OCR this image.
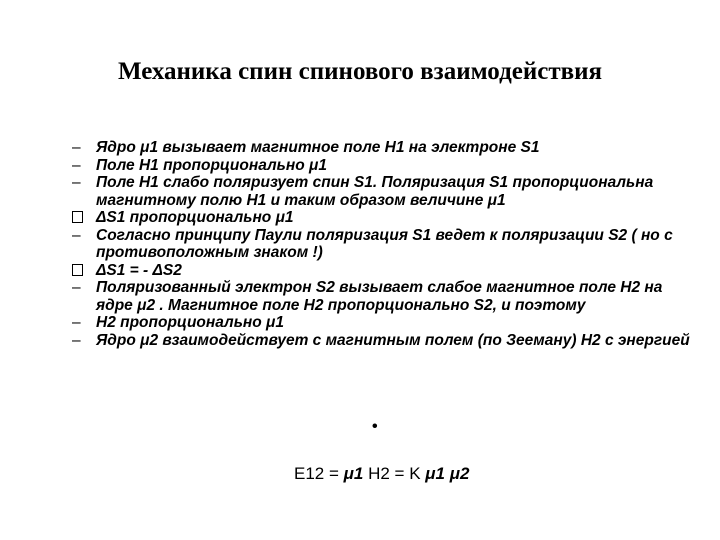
Механика спин спинового взаимодействия
– Ядро μ1 вызывает магнитное поле H1 на электроне S1
– Поле H1 пропорционально μ1
– Поле H1 слабо поляризует спин S1. Поляризация S1 пропорциональна магнитному полю H1 и таким образом величине μ1
ΔS1 пропорционально μ1
– Согласно принципу Паули поляризация S1 ведет к поляризации S2 ( но с противоположным знаком !)
ΔS1 = - ΔS2
– Поляризованный электрон S2 вызывает слабое магнитное поле H2 на ядре μ2 . Магнитное поле H2 пропорционально S2, и поэтому
– H2 пропорционально μ1
– Ядро μ2 взаимодействует с магнитным полем (по Зееману) H2 с энергией
•
E12 = μ1 H2 = K μ1 μ2
